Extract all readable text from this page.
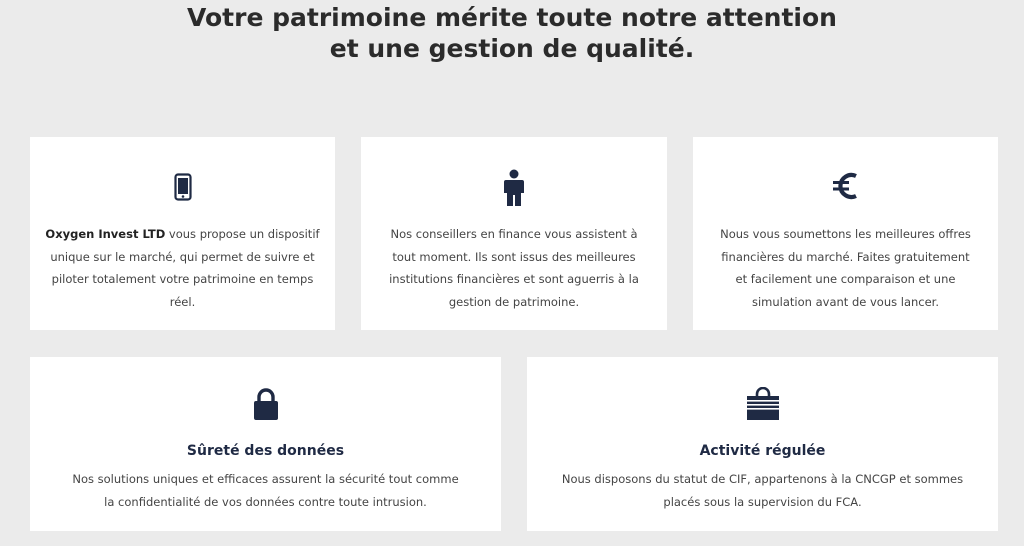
Votre patrimoine mérite toute notre attention
et une gestion de qualité.

Oxygen Invest LTD vous propose un dispositif unique sur le marché, qui permet de suivre et piloter totalement votre patrimoine en temps réel.

Nos conseillers en finance vous assistent à tout moment. Ils sont issus des meilleures institutions financières et sont aguerris à la gestion de patrimoine.

Nous vous soumettons les meilleures offres financières du marché. Faites gratuitement et facilement une comparaison et une simulation avant de vous lancer.

Sûreté des données

Nos solutions uniques et efficaces assurent la sécurité tout comme la confidentialité de vos données contre toute intrusion.

Activité régulée

Nous disposons du statut de CIF, appartenons à la CNCGP et sommes placés sous la supervision du FCA.
